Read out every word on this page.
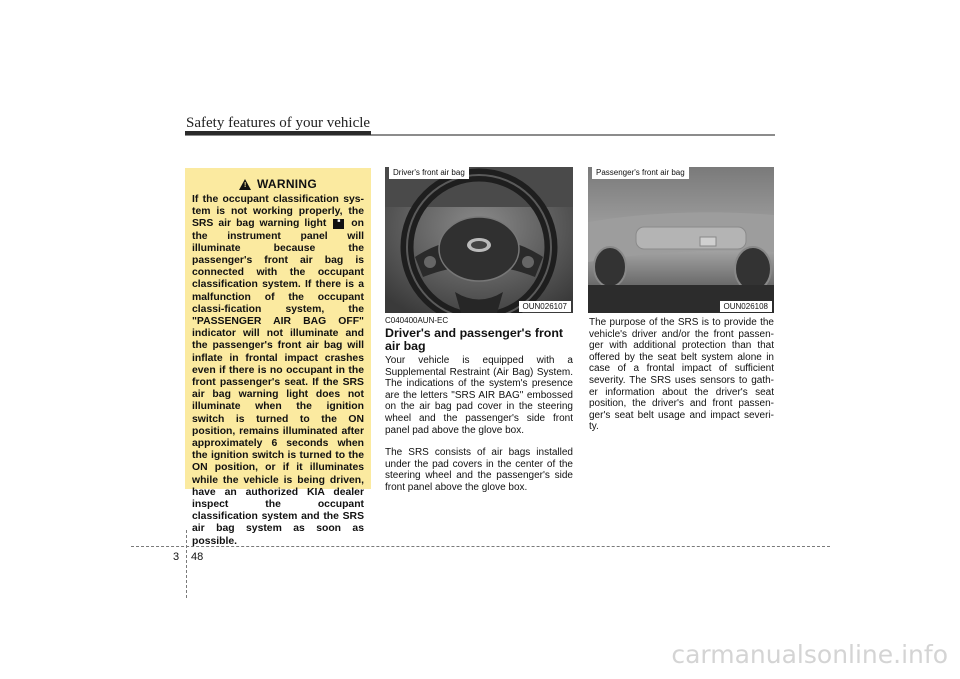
Safety features of your vehicle
! WARNING
If the occupant classification sys-tem is not working properly, the SRS air bag warning light ■ on the instrument panel will illuminate because the passenger's front air bag is connected with the occupant classification system. If there is a malfunction of the occupant classi-fication system, the "PASSENGER AIR BAG OFF" indicator will not illuminate and the passenger's front air bag will inflate in frontal impact crashes even if there is no occupant in the front passenger's seat. If the SRS air bag warning light does not illuminate when the ignition switch is turned to the ON position, remains illuminated after approximately 6 seconds when the ignition switch is turned to the ON position, or if it illuminates while the vehicle is being driven, have an authorized KIA dealer inspect the occupant classification system and the SRS air bag system as soon as possible.
Driver's front air bag
OUN026107
Passenger's front air bag
OUN026108
C040400AUN-EC
Driver's and passenger's front air bag

Your vehicle is equipped with a Supplemental Restraint (Air Bag) System. The indications of the system's presence are the letters "SRS AIR BAG" embossed on the air bag pad cover in the steering wheel and the passenger's side front panel pad above the glove box.

The SRS consists of air bags installed under the pad covers in the center of the steering wheel and the passenger's side front panel above the glove box.

The purpose of the SRS is to provide the vehicle's driver and/or the front passen-ger with additional protection than that offered by the seat belt system alone in case of a frontal impact of sufficient severity. The SRS uses sensors to gath-er information about the driver's seat position, the driver's and front passen-ger's seat belt usage and impact severi-ty.

3 48
carmanualsonline.info
